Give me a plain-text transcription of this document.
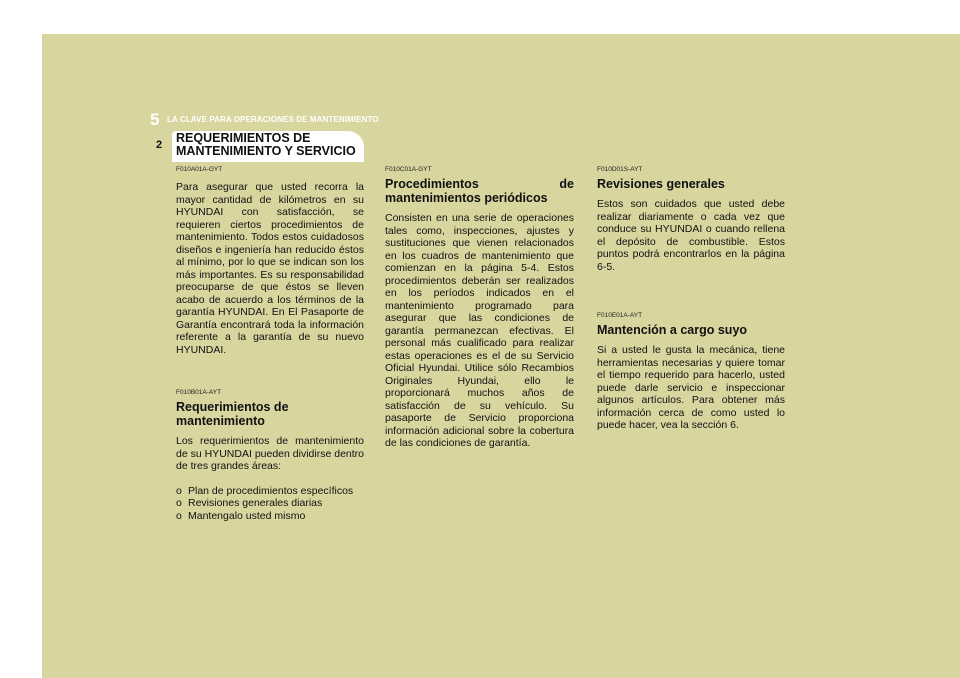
5 LA CLAVE PARA OPERACIONES DE MANTENIMIENTO
2 REQUERIMIENTOS DE
MANTENIMIENTO Y SERVICIO
F010A01A-GYT
Para asegurar que usted recorra la mayor cantidad de kilómetros en su HYUNDAI con satisfacción, se requieren ciertos procedimientos de mantenimiento. Todos estos cuidadosos diseños e ingeniería han reducido éstos al mínimo, por lo que se indican son los más importantes. Es su responsabilidad preocuparse de que éstos se lleven acabo de acuerdo a los términos de la garantía HYUNDAI. En El Pasaporte de Garantía encontrará toda la información referente a la garantía de su nuevo HYUNDAI.
F010B01A-AYT
Requerimientos de
mantenimiento
Los requerimientos de mantenimiento de su HYUNDAI pueden dividirse dentro de tres grandes áreas:
o Plan de procedimientos específicos
o Revisiones generales diarias
o Mantengalo usted mismo
F010C01A-GYT
Procedimientos de
mantenimientos periódicos
Consisten en una serie de operaciones tales como, inspecciones, ajustes y sustituciones que vienen relacionados en los cuadros de mantenimiento que comienzan en la página 5-4. Estos procedimientos deberán ser realizados en los períodos indicados en el mantenimiento programado para asegurar que las condiciones de garantía permanezcan efectivas. El personal más cualificado para realizar estas operaciones es el de su Servicio Oficial Hyundai. Utilice sólo Recambios Originales Hyundai, ello le proporcionará muchos años de satisfacción de su vehículo. Su pasaporte de Servicio proporciona información adicional sobre la cobertura de las condiciones de garantía.
F010D01S-AYT
Revisiones generales
Estos son cuidados que usted debe realizar diariamente o cada vez que conduce su HYUNDAI o cuando rellena el depósito de combustible. Estos puntos podrá encontrarlos en la página 6-5.
F010E01A-AYT
Mantención a cargo suyo
Si a usted le gusta la mecánica, tiene herramientas necesarias y quiere tomar el tiempo requerido para hacerlo, usted puede darle servicio e inspeccionar algunos artículos. Para obtener más información cerca de como usted lo puede hacer, vea la sección 6.
